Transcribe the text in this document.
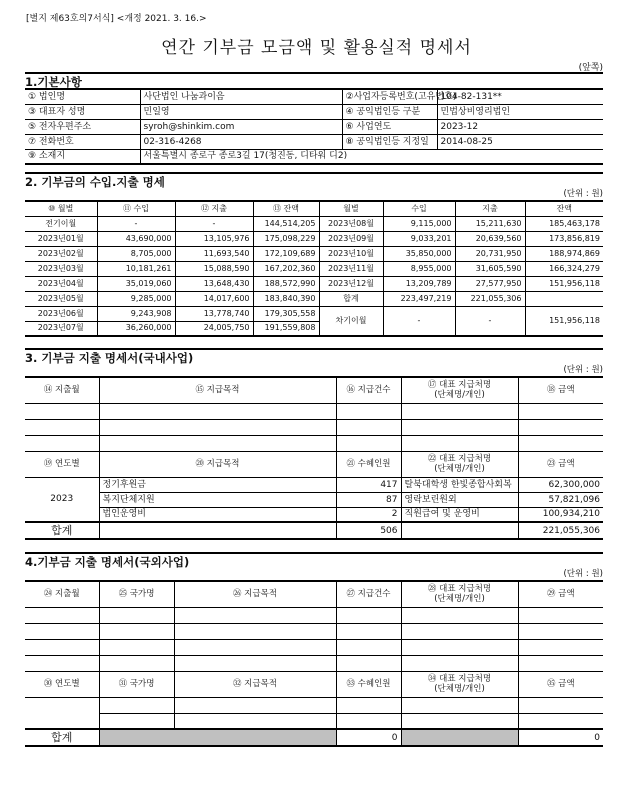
[별지 제63호의7서식] <개정 2021. 3. 16.>
연간 기부금 모금액 및 활용실적 명세서
(앞쪽)
1.기본사항
① 법인명	사단법인 나눔과이음	②사업자등록번호(고유번호)	104-82-131**
③ 대표자 성명	민일영	④ 공익법인등 구분	민법상비영리법인
⑤ 전자우편주소	syroh@shinkim.com	⑥ 사업연도	2023-12
⑦ 전화번호	02-316-4268	⑧ 공익법인등 지정일	2014-08-25
⑨ 소재지	서울특별시 종로구 종로3길 17(청진동, 디타워 디2)		
2. 기부금의 수입.지출 명세
(단위 : 원)
⑩ 월별	⑪ 수입	⑫ 지출	⑬ 잔액	월별	수입	지출	잔액
전기이월	-	-	144,514,205	2023년08월	9,115,000	15,211,630	185,463,178
2023년01월	43,690,000	13,105,976	175,098,229	2023년09월	9,033,201	20,639,560	173,856,819
2023년02월	8,705,000	11,693,540	172,109,689	2023년10월	35,850,000	20,731,950	188,974,869
2023년03월	10,181,261	15,088,590	167,202,360	2023년11월	8,955,000	31,605,590	166,324,279
2023년04월	35,019,060	13,648,430	188,572,990	2023년12월	13,209,789	27,577,950	151,956,118
2023년05월	9,285,000	14,017,600	183,840,390	합계	223,497,219	221,055,306	
2023년06월	9,243,908	13,778,740	179,305,558	차기이월	-	-	151,956,118
2023년07월	36,260,000	24,005,750	191,559,808				
3. 기부금 지출 명세서(국내사업)
(단위 : 원)
⑭ 지출월	⑮ 지급목적	⑯ 지급건수	⑰ 대표 지급처명
(단체명/개인)	⑱ 금액

⑲ 연도별	⑳ 지급목적	㉑ 수혜인원	㉒ 대표 지급처명
(단체명/개인)	㉓ 금액
2023	정기후원금	417	탈북대학생 한빛종합사회복	62,300,000
	복지단체지원	87	영락보린원외	57,821,096
	법인운영비	2	직원급여 및 운영비	100,934,210
합계		506		221,055,306
4.기부금 지출 명세서(국외사업)
(단위 : 원)
㉔ 지출월	㉕ 국가명	㉖ 지급목적	㉗ 지급건수	㉘ 대표 지급처명
(단체명/개인)	㉙ 금액

㉚ 연도별	㉛ 국가명	㉜ 지급목적	㉝ 수혜인원	㉞ 대표 지급처명
(단체명/개인)	㉟ 금액

합계			0		0
